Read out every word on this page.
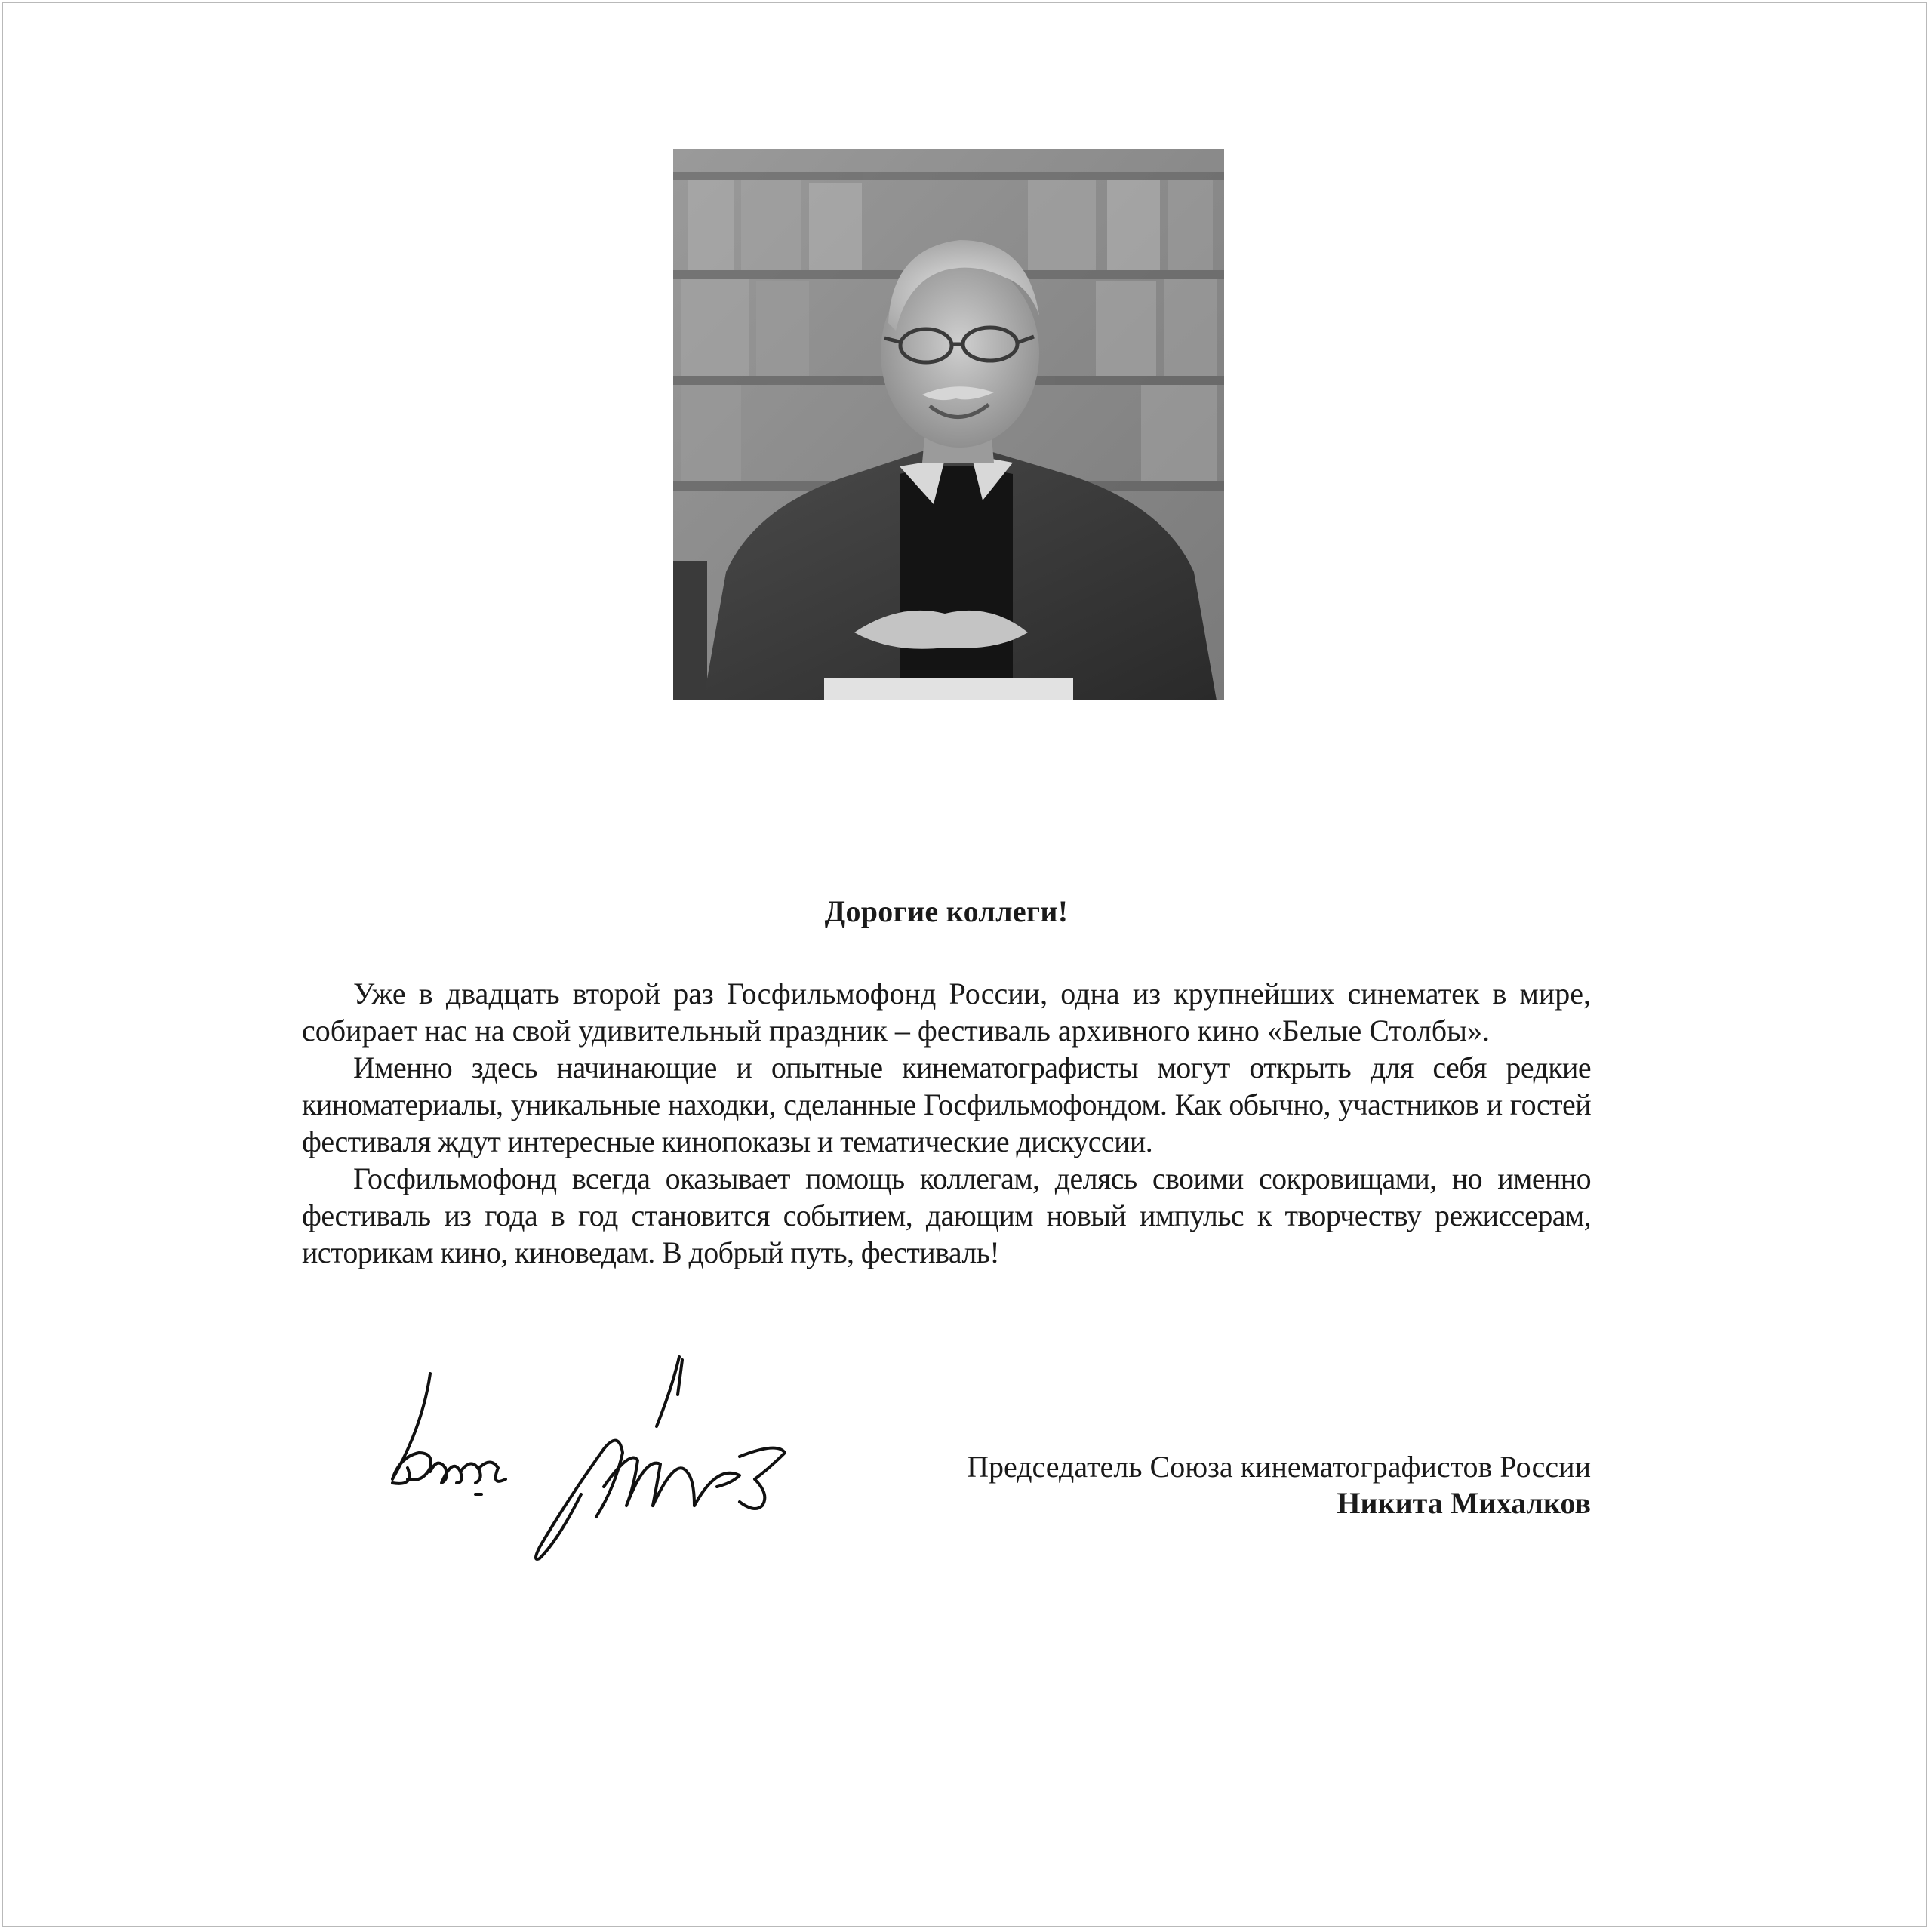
Дорогие коллеги!

Уже в двадцать второй раз Госфильмофонд России, одна из крупнейших синематек в мире, собирает нас на свой удивительный праздник – фестиваль архивного кино «Белые Столбы».

Именно здесь начинающие и опытные кинематографисты могут открыть для себя редкие киноматериалы, уникальные находки, сделанные Госфильмофондом. Как обычно, участников и гостей фестиваля ждут интересные кинопоказы и тематические дискуссии.

Госфильмофонд всегда оказывает помощь коллегам, делясь своими сокровищами, но именно фестиваль из года в год становится событием, дающим новый импульс к творчеству режиссерам, историкам кино, киноведам. В добрый путь, фестиваль!

Председатель Союза кинематографистов России
Никита Михалков
